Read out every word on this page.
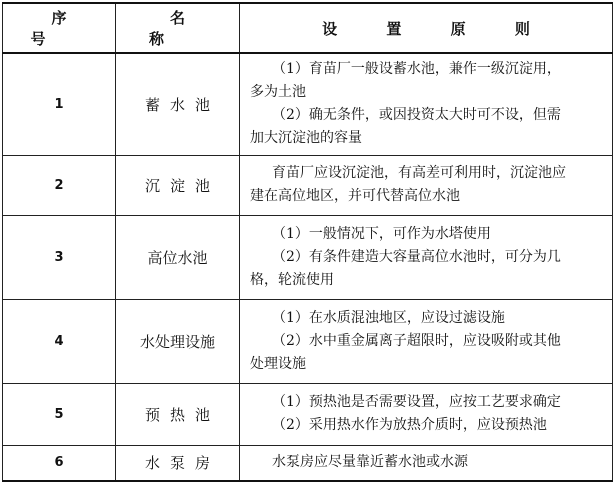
序 号	名 称	设 置 原 则
1	蓄水池	（1）育苗厂一般设蓄水池，兼作一级沉淀用，
多为土池
（2）确无条件，或因投资太大时可不设，但需
加大沉淀池的容量

2	沉淀池	育苗厂应设沉淀池，有高差可利用时，沉淀池应
建在高位地区，并可代替高位水池

3	高位水池	（1）一般情况下，可作为水塔使用
（2）有条件建造大容量高位水池时，可分为几
格，轮流使用

4	水处理设施	（1）在水质混浊地区，应设过滤设施
（2）水中重金属离子超限时，应设吸附或其他
处理设施

5	预热池	（1）预热池是否需要设置，应按工艺要求确定
（2）采用热水作为放热介质时，应设预热池

6	水泵房	水泵房应尽量靠近蓄水池或水源
